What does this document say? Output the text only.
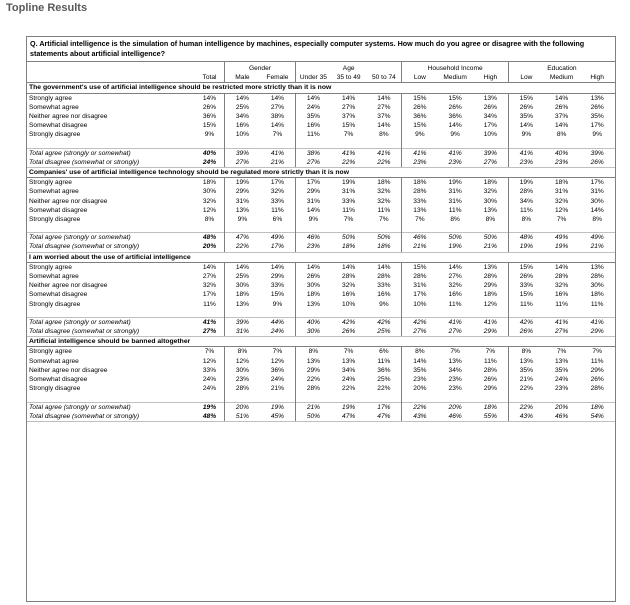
Topline Results
Q. Artificial intelligence is the simulation of human intelligence by machines, especially computer systems. How much do you agree or disagree with the following statements about artificial intelligence?
		Gender		Age			Household Income			Education		
	Total	Male	Female	Under 35	35 to 49	50 to 74	Low	Medium	High	Low	Medium	High
The government's use of artificial intelligence should be restricted more strictly than it is now												
Strongly agree	14%	14%	14%	14%	14%	14%	15%	15%	13%	15%	14%	13%
Somewhat agree	26%	25%	27%	24%	27%	27%	26%	26%	26%	26%	26%	26%
Neither agree nor disagree	36%	34%	38%	35%	37%	37%	36%	36%	34%	35%	37%	35%
Somewhat disagree	15%	16%	14%	16%	15%	14%	15%	14%	17%	14%	14%	17%
Strongly disagree	9%	10%	7%	11%	7%	8%	9%	9%	10%	9%	8%	9%

Total agree (strongly or somewhat)	40%	39%	41%	38%	41%	41%	41%	41%	39%	41%	40%	39%
Total disagree (somewhat or strongly)	24%	27%	21%	27%	22%	22%	23%	23%	27%	23%	23%	26%
Companies' use of artificial intelligence technology should be regulated more strictly than it is now												
Strongly agree	18%	19%	17%	17%	19%	18%	18%	19%	18%	19%	18%	17%
Somewhat agree	30%	29%	32%	29%	31%	32%	28%	31%	32%	28%	31%	31%
Neither agree nor disagree	32%	31%	33%	31%	33%	32%	33%	31%	30%	34%	32%	30%
Somewhat disagree	12%	13%	11%	14%	11%	11%	13%	11%	13%	11%	12%	14%
Strongly disagree	8%	9%	6%	9%	7%	7%	7%	8%	8%	8%	7%	8%

Total agree (strongly or somewhat)	48%	47%	49%	46%	50%	50%	46%	50%	50%	48%	49%	49%
Total disagree (somewhat or strongly)	20%	22%	17%	23%	18%	18%	21%	19%	21%	19%	19%	21%
I am worried about the use of artificial intelligence												
Strongly agree	14%	14%	14%	14%	14%	14%	15%	14%	13%	15%	14%	13%
Somewhat agree	27%	25%	29%	26%	28%	28%	28%	27%	28%	26%	28%	28%
Neither agree nor disagree	32%	30%	33%	30%	32%	33%	31%	32%	29%	33%	32%	30%
Somewhat disagree	17%	18%	15%	18%	16%	16%	17%	16%	18%	15%	16%	18%
Strongly disagree	11%	13%	9%	13%	10%	9%	10%	11%	12%	11%	11%	11%

Total agree (strongly or somewhat)	41%	39%	44%	40%	42%	42%	42%	41%	41%	42%	41%	41%
Total disagree (somewhat or strongly)	27%	31%	24%	30%	26%	25%	27%	27%	29%	26%	27%	29%
Artificial intelligence should be banned altogether												
Strongly agree	7%	8%	7%	8%	7%	6%	8%	7%	7%	8%	7%	7%
Somewhat agree	12%	12%	12%	13%	13%	11%	14%	13%	11%	13%	13%	11%
Neither agree nor disagree	33%	30%	36%	29%	34%	36%	35%	34%	28%	35%	35%	29%
Somewhat disagree	24%	23%	24%	22%	24%	25%	23%	23%	26%	21%	24%	26%
Strongly disagree	24%	28%	21%	28%	22%	22%	20%	23%	29%	22%	23%	28%

Total agree (strongly or somewhat)	19%	20%	19%	21%	19%	17%	22%	20%	18%	22%	20%	18%
Total disagree (somewhat or strongly)	48%	51%	45%	50%	47%	47%	43%	46%	55%	43%	46%	54%
